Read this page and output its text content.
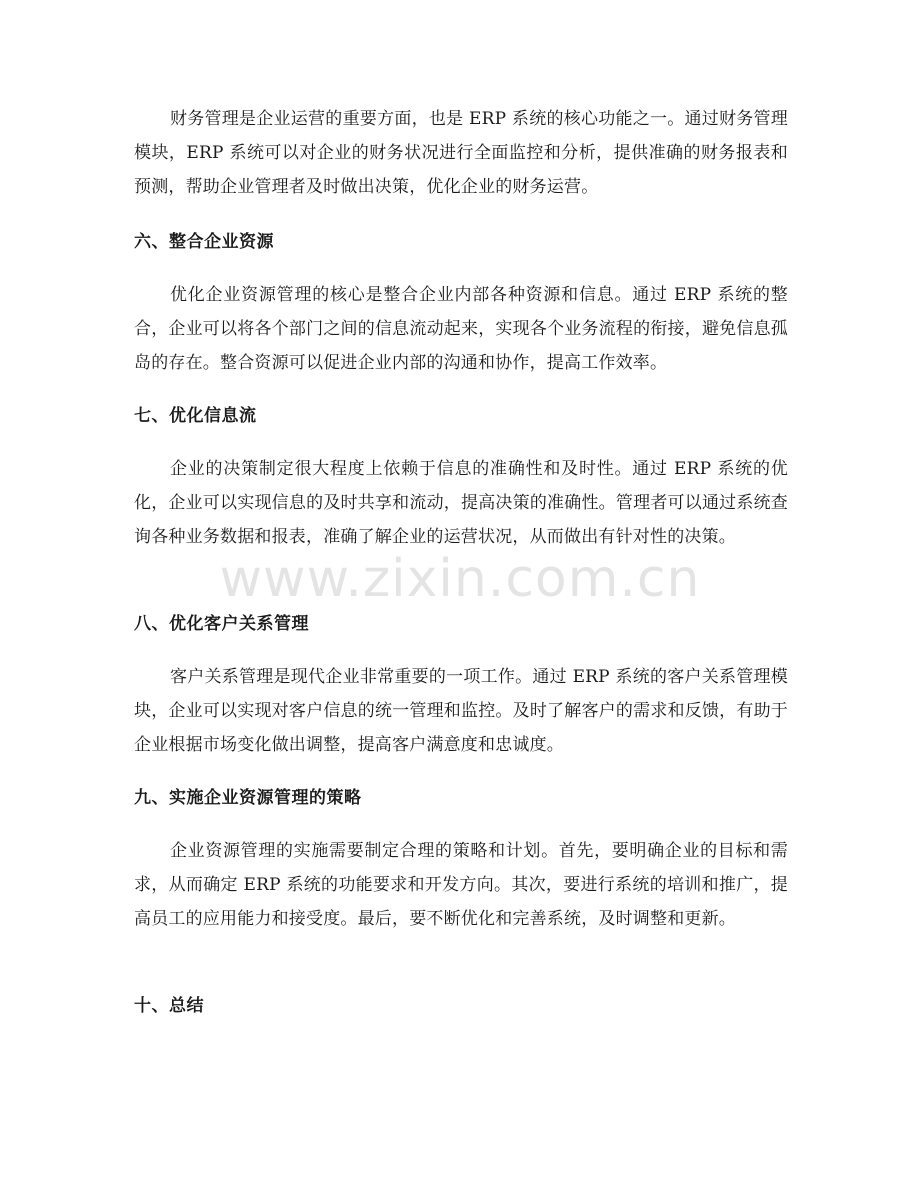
财务管理是企业运营的重要方面，也是 ERP 系统的核心功能之一。通过财务管理模块，ERP 系统可以对企业的财务状况进行全面监控和分析，提供准确的财务报表和预测，帮助企业管理者及时做出决策，优化企业的财务运营。

六、整合企业资源

优化企业资源管理的核心是整合企业内部各种资源和信息。通过 ERP 系统的整合，企业可以将各个部门之间的信息流动起来，实现各个业务流程的衔接，避免信息孤岛的存在。整合资源可以促进企业内部的沟通和协作，提高工作效率。

七、优化信息流

企业的决策制定很大程度上依赖于信息的准确性和及时性。通过 ERP 系统的优化，企业可以实现信息的及时共享和流动，提高决策的准确性。管理者可以通过系统查询各种业务数据和报表，准确了解企业的运营状况，从而做出有针对性的决策。

八、优化客户关系管理

客户关系管理是现代企业非常重要的一项工作。通过 ERP 系统的客户关系管理模块，企业可以实现对客户信息的统一管理和监控。及时了解客户的需求和反馈，有助于企业根据市场变化做出调整，提高客户满意度和忠诚度。

九、实施企业资源管理的策略

企业资源管理的实施需要制定合理的策略和计划。首先，要明确企业的目标和需求，从而确定 ERP 系统的功能要求和开发方向。其次，要进行系统的培训和推广，提高员工的应用能力和接受度。最后，要不断优化和完善系统，及时调整和更新。

十、总结
www.zixin.com.cn
